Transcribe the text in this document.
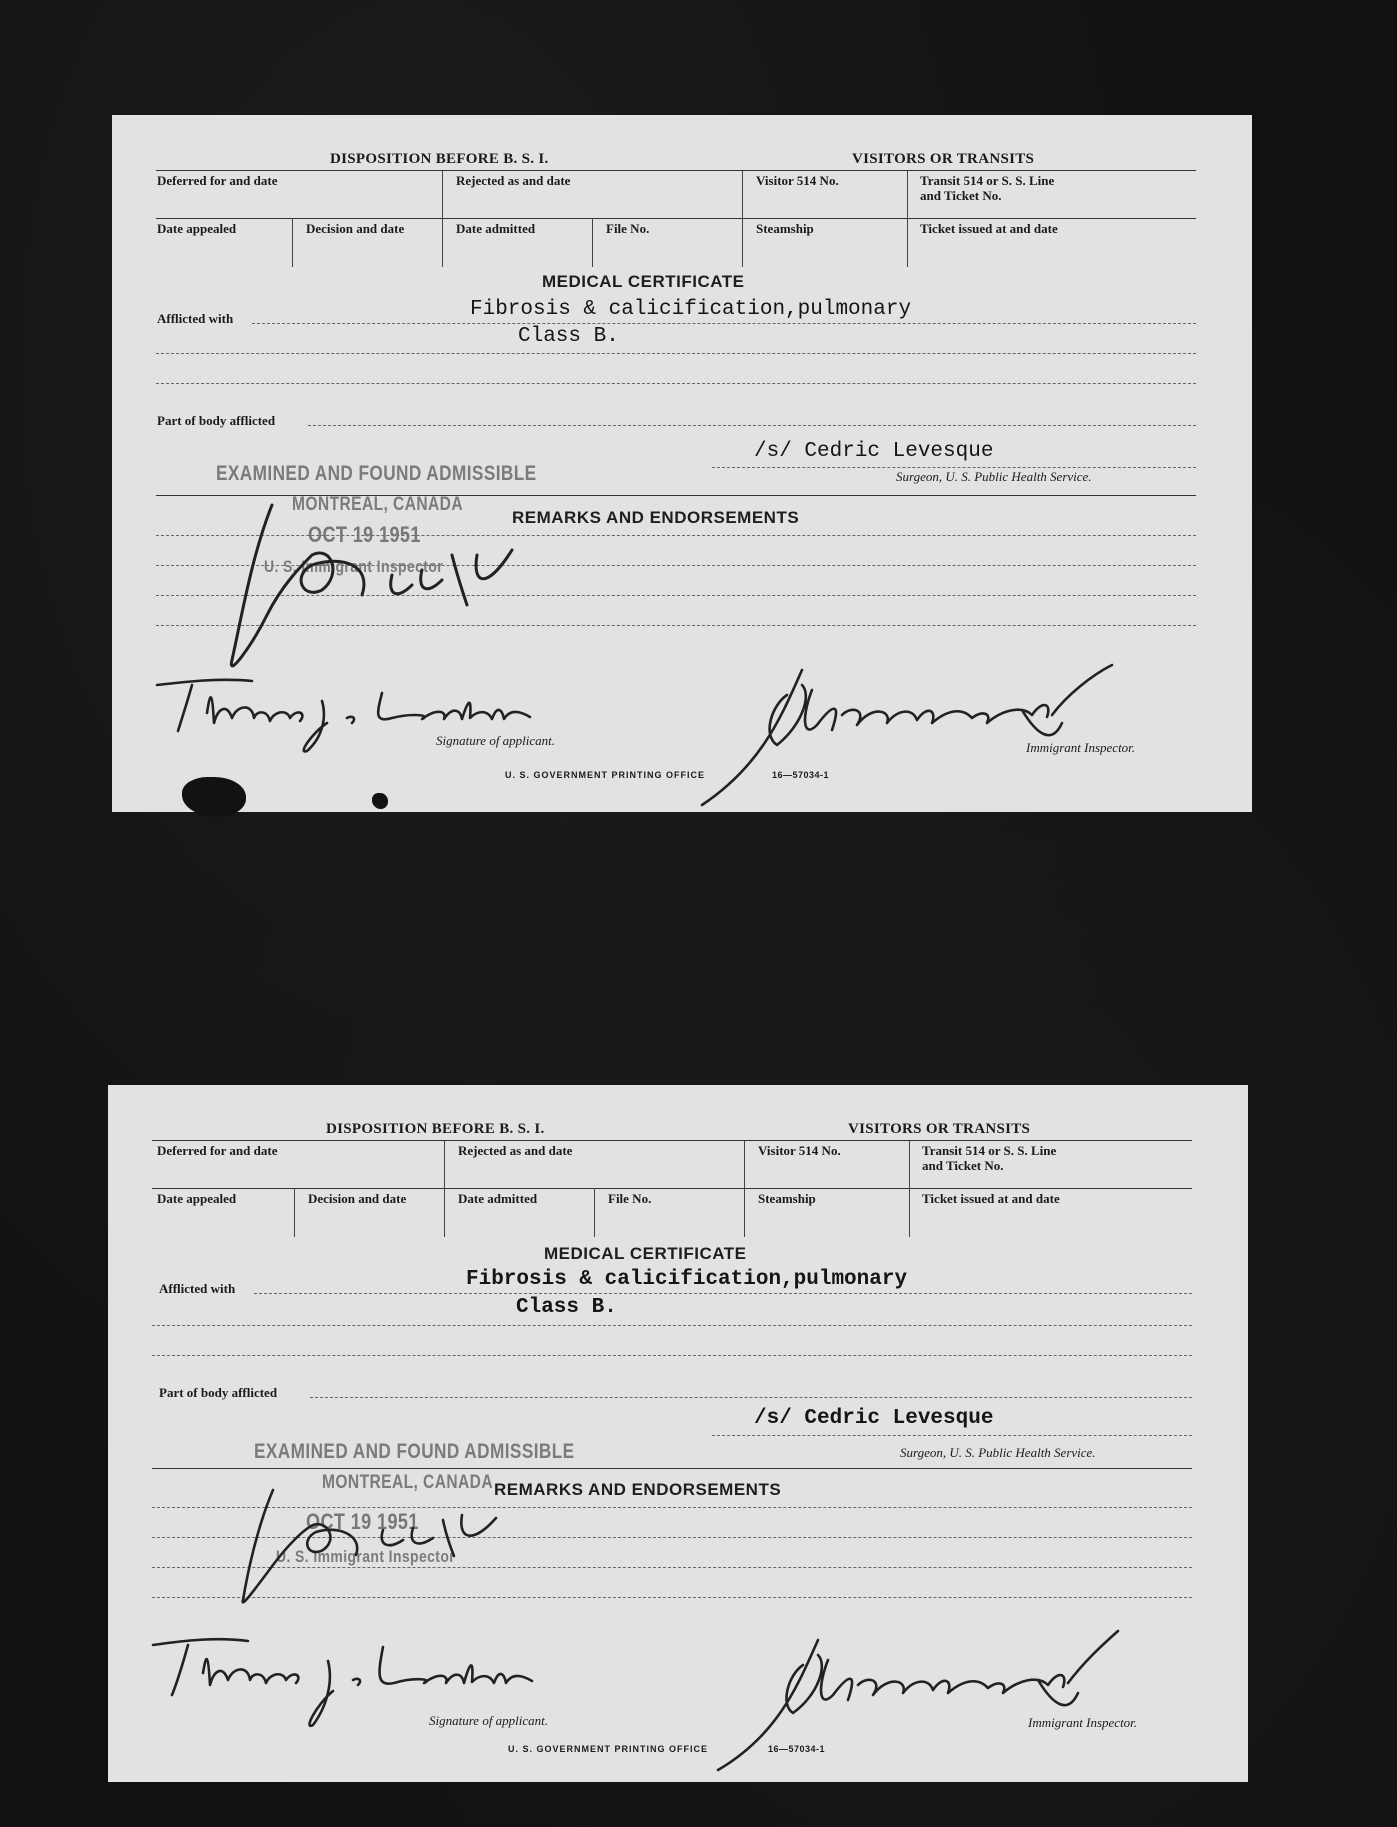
DISPOSITION BEFORE B. S. I.	VISITORS OR TRANSITS
Deferred for and date	Rejected as and date	Visitor 514 No.	Transit 514 or S. S. Line
and Ticket No.
Date appealed	Decision and date	Date admitted	File No.	Steamship	Ticket issued at and date
MEDICAL CERTIFICATE
Afflicted with	Fibrosis & calicification,pulmonary
Class B.
Part of body afflicted
/s/ Cedric Levesque
Surgeon, U. S. Public Health Service.
REMARKS AND ENDORSEMENTS
EXAMINED AND FOUND ADMISSIBLE
MONTREAL, CANADA
OCT 19 1951
U. S. Immigrant Inspector
Signature of applicant.	Immigrant Inspector.
U. S. GOVERNMENT PRINTING OFFICE	16—57034-1
DISPOSITION BEFORE B. S. I.	VISITORS OR TRANSITS
Deferred for and date	Rejected as and date	Visitor 514 No.	Transit 514 or S. S. Line
and Ticket No.
Date appealed	Decision and date	Date admitted	File No.	Steamship	Ticket issued at and date
MEDICAL CERTIFICATE
Afflicted with	Fibrosis & calicification,pulmonary
Class B.
Part of body afflicted
/s/ Cedric Levesque
Surgeon, U. S. Public Health Service.
REMARKS AND ENDORSEMENTS
EXAMINED AND FOUND ADMISSIBLE
MONTREAL, CANADA
OCT 19 1951
U. S. Immigrant Inspector
Signature of applicant.	Immigrant Inspector.
U. S. GOVERNMENT PRINTING OFFICE	16—57034-1
